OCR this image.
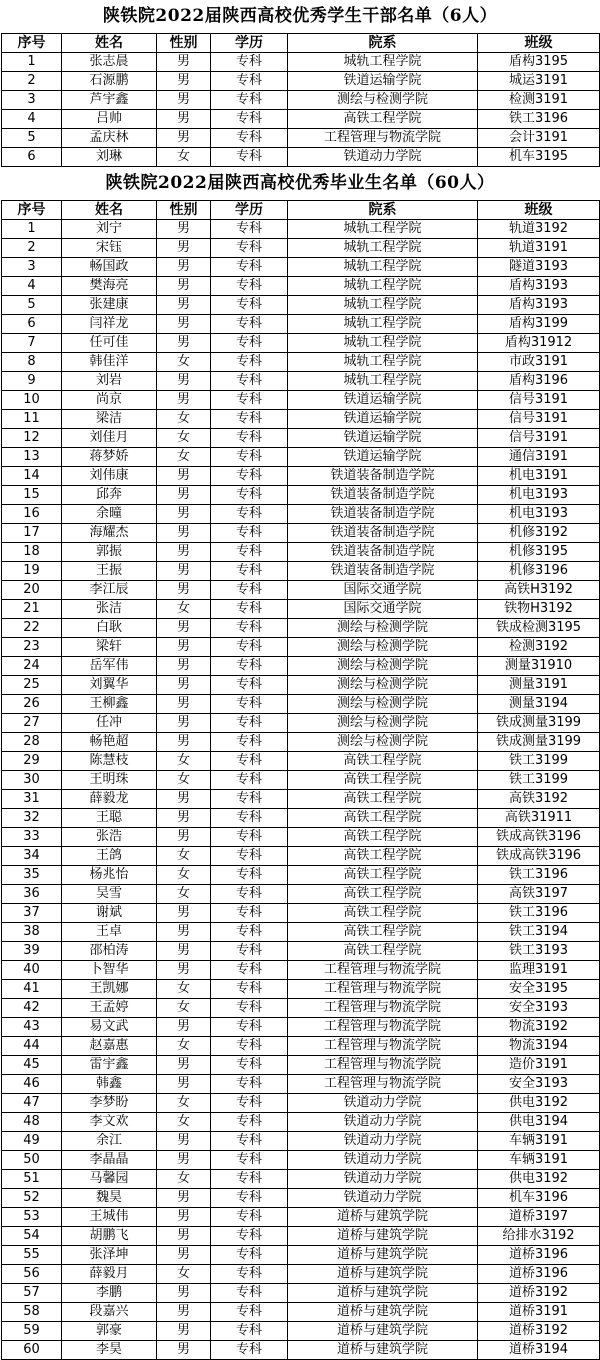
陕铁院2022届陕西高校优秀学生干部名单（6人）
序号	姓名	性别	学历	院系	班级
1	张志晨	男	专科	城轨工程学院	盾构3195
2	石源鹏	男	专科	铁道运输学院	城运3191
3	芦宇鑫	男	专科	测绘与检测学院	检测3191
4	吕帅	男	专科	高铁工程学院	铁工3196
5	孟庆林	男	专科	工程管理与物流学院	会计3191
6	刘琳	女	专科	铁道动力学院	机车3195
陕铁院2022届陕西高校优秀毕业生名单（60人）
序号	姓名	性别	学历	院系	班级
1	刘宁	男	专科	城轨工程学院	轨道3192
2	宋钰	男	专科	城轨工程学院	轨道3191
3	畅国政	男	专科	城轨工程学院	隧道3193
4	樊海亮	男	专科	城轨工程学院	盾构3193
5	张建康	男	专科	城轨工程学院	盾构3193
6	闫祥龙	男	专科	城轨工程学院	盾构3199
7	任可佳	男	专科	城轨工程学院	盾构31912
8	韩佳洋	女	专科	城轨工程学院	市政3191
9	刘岩	男	专科	城轨工程学院	盾构3196
10	尚京	男	专科	铁道运输学院	信号3191
11	梁洁	女	专科	铁道运输学院	信号3191
12	刘佳月	女	专科	铁道运输学院	信号3191
13	蒋梦娇	女	专科	铁道运输学院	通信3191
14	刘伟康	男	专科	铁道装备制造学院	机电3191
15	邱奔	男	专科	铁道装备制造学院	机电3193
16	余曈	男	专科	铁道装备制造学院	机电3193
17	海耀杰	男	专科	铁道装备制造学院	机修3192
18	郭振	男	专科	铁道装备制造学院	机修3195
19	王振	男	专科	铁道装备制造学院	机修3196
20	李江辰	男	专科	国际交通学院	高铁H3192
21	张洁	女	专科	国际交通学院	铁物H3192
22	白耿	男	专科	测绘与检测学院	铁成检测3195
23	梁轩	男	专科	测绘与检测学院	检测3192
24	岳军伟	男	专科	测绘与检测学院	测量31910
25	刘翼华	男	专科	测绘与检测学院	测量3191
26	王柳鑫	男	专科	测绘与检测学院	测量3194
27	任冲	男	专科	测绘与检测学院	铁成测量3199
28	畅艳超	男	专科	测绘与检测学院	铁成测量3199
29	陈慧枝	女	专科	高铁工程学院	铁工3199
30	王明珠	女	专科	高铁工程学院	铁工3199
31	薛毅龙	男	专科	高铁工程学院	高铁3192
32	王聪	男	专科	高铁工程学院	高铁31911
33	张浩	男	专科	高铁工程学院	铁成高铁3196
34	王鸽	女	专科	高铁工程学院	铁成高铁3196
35	杨兆怡	女	专科	高铁工程学院	铁工3196
36	吴雪	女	专科	高铁工程学院	高铁3197
37	谢斌	男	专科	高铁工程学院	铁工3196
38	王卓	男	专科	高铁工程学院	铁工3194
39	邵柏涛	男	专科	高铁工程学院	铁工3193
40	卜智华	男	专科	工程管理与物流学院	监理3191
41	王凯娜	女	专科	工程管理与物流学院	安全3195
42	王孟婷	女	专科	工程管理与物流学院	安全3193
43	易文武	男	专科	工程管理与物流学院	物流3192
44	赵嘉惠	女	专科	工程管理与物流学院	物流3194
45	雷宇鑫	男	专科	工程管理与物流学院	造价3191
46	韩鑫	男	专科	工程管理与物流学院	安全3193
47	李梦盼	女	专科	铁道动力学院	供电3192
48	李文欢	女	专科	铁道动力学院	供电3194
49	余江	男	专科	铁道动力学院	车辆3191
50	李晶晶	男	专科	铁道动力学院	车辆3191
51	马馨园	女	专科	铁道动力学院	供电3192
52	魏昊	男	专科	铁道动力学院	机车3196
53	王城伟	男	专科	道桥与建筑学院	道桥3197
54	胡鹏飞	男	专科	道桥与建筑学院	给排水3192
55	张泽坤	男	专科	道桥与建筑学院	道桥3196
56	薛毅月	女	专科	道桥与建筑学院	道桥3196
57	李鹏	男	专科	道桥与建筑学院	道桥3192
58	段嘉兴	男	专科	道桥与建筑学院	道桥3191
59	郭豪	男	专科	道桥与建筑学院	道桥3192
60	李昊	男	专科	道桥与建筑学院	道桥3194
